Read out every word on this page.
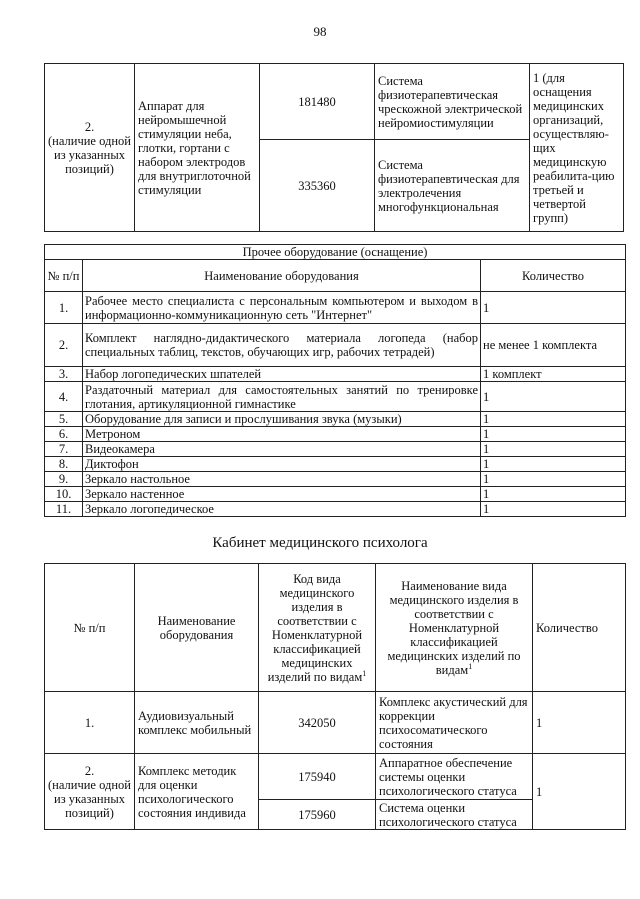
98
2.
(наличие одной из указанных позиций)	Аппарат для нейромышечной стимуляции неба, глотки, гортани с набором электродов для внутриглоточной стимуляции	181480	Система физиотерапевтическая чрескожной электрической нейромиостимуляции	1 (для оснащения медицинских организаций, осуществляю-щих медицинскую реабилита-цию третьей и четвертой групп)
		335360	Система физиотерапевтическая для электролечения многофункциональная	
Прочее оборудование (оснащение)		
№ п/п	Наименование оборудования	Количество
1.	Рабочее место специалиста с персональным компьютером и выходом в информационно-коммуникационную сеть "Интернет"	1
2.	Комплект наглядно-дидактического материала логопеда (набор специальных таблиц, текстов, обучающих игр, рабочих тетрадей)	не менее 1 комплекта
3.	Набор логопедических шпателей	1 комплект
4.	Раздаточный материал для самостоятельных занятий по тренировке глотания, артикуляционной гимнастике	1
5.	Оборудование для записи и прослушивания звука (музыки)	1
6.	Метроном	1
7.	Видеокамера	1
8.	Диктофон	1
9.	Зеркало настольное	1
10.	Зеркало настенное	1
11.	Зеркало логопедическое	1
Кабинет медицинского психолога
№ п/п	Наименование оборудования	Код вида медицинского изделия в соответствии с Номенклатурной классификацией медицинских изделий по видам$^1$	Наименование вида медицинского изделия в соответствии с Номенклатурной классификацией медицинских изделий по видам$^1$	Количество
1.	Аудиовизуальный комплекс мобильный	342050	Комплекс акустический для коррекции психосоматического состояния	1

2.
(наличие одной из указанных позиций)	Комплекс методик для оценки психологического состояния индивида	175940	Аппаратное обеспечение системы оценки психологического статуса	1
		175960	Система оценки психологического статуса	
